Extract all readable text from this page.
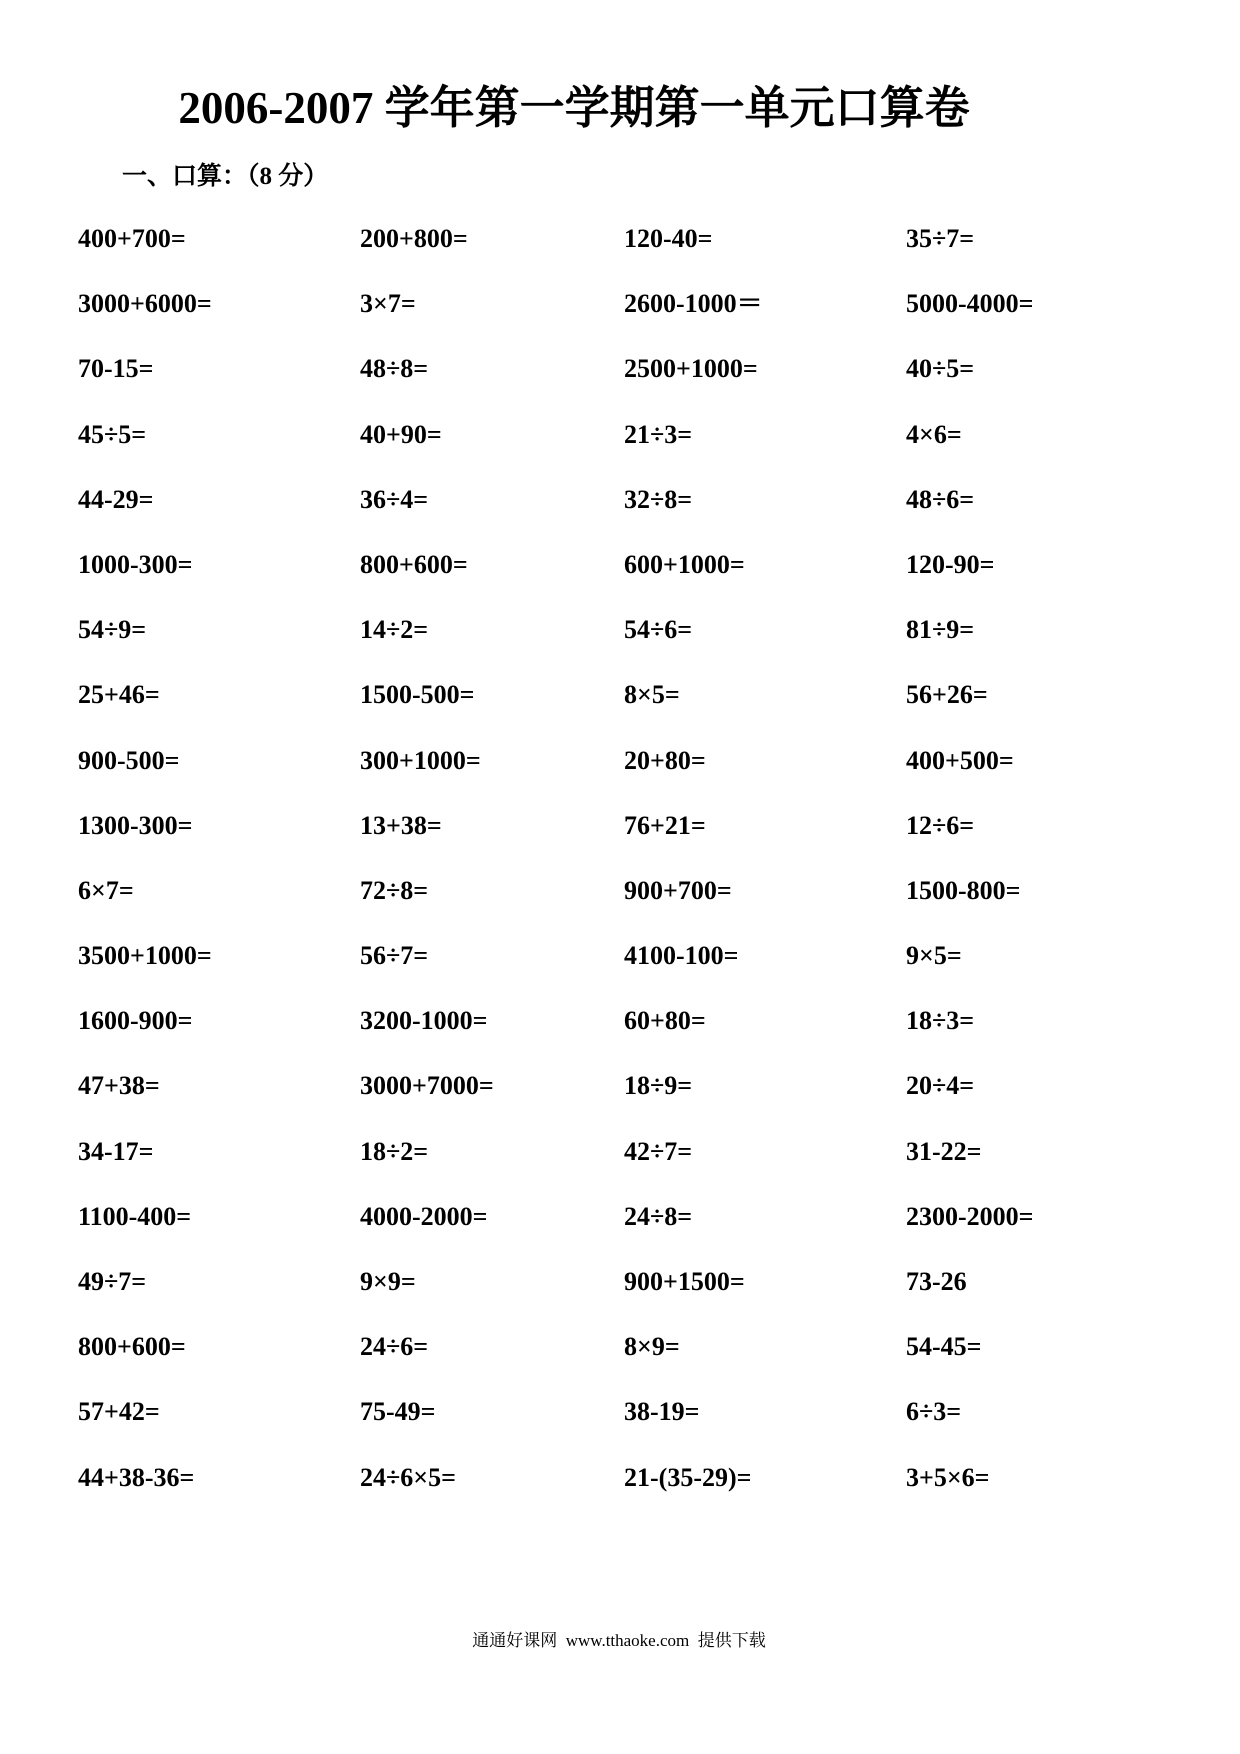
2006-2007 学年第一学期第一单元口算卷
一、口算：（8 分）
400+700=	200+800=	120-40=	35÷7=
3000+6000=	3×7=	2600-1000＝	5000-4000=
70-15=	48÷8=	2500+1000=	40÷5=
45÷5=	40+90=	21÷3=	4×6=
44-29=	36÷4=	32÷8=	48÷6=
1000-300=	800+600=	600+1000=	120-90=
54÷9=	14÷2=	54÷6=	81÷9=
25+46=	1500-500=	8×5=	56+26=
900-500=	300+1000=	20+80=	400+500=
1300-300=	13+38=	76+21=	12÷6=
6×7=	72÷8=	900+700=	1500-800=
3500+1000=	56÷7=	4100-100=	9×5=
1600-900=	3200-1000=	60+80=	18÷3=
47+38=	3000+7000=	18÷9=	20÷4=
34-17=	18÷2=	42÷7=	31-22=
1100-400=	4000-2000=	24÷8=	2300-2000=
49÷7=	9×9=	900+1500=	73-26
800+600=	24÷6=	8×9=	54-45=
57+42=	75-49=	38-19=	6÷3=
44+38-36=	24÷6×5=	21-(35-29)=	3+5×6=
通通好课网 www.tthaoke.com 提供下载
